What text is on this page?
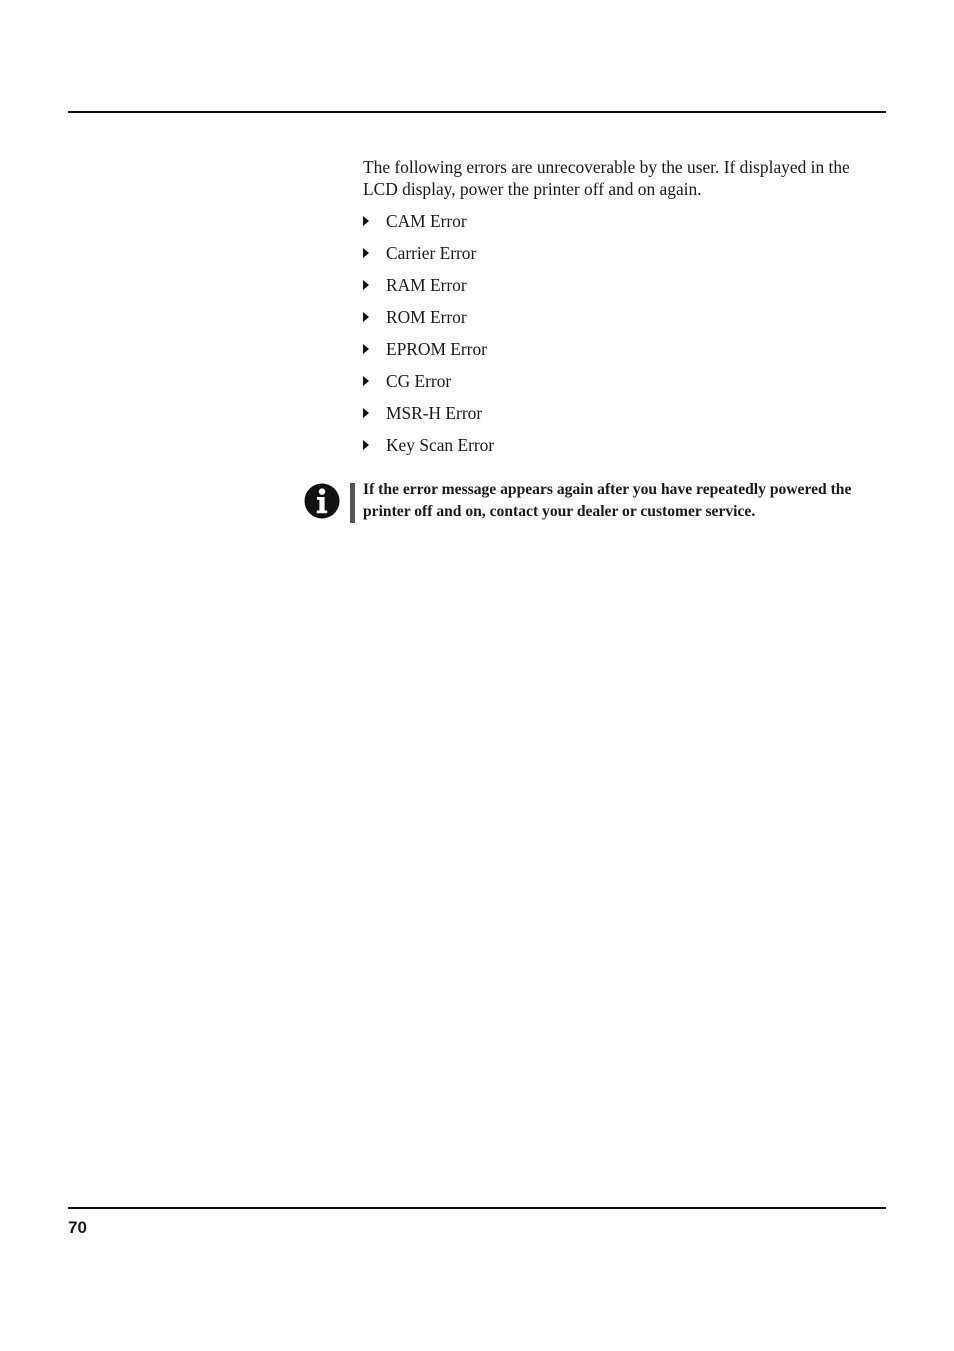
The following errors are unrecoverable by the user. If displayed in the LCD display, power the printer off and on again.

CAM Error
Carrier Error
RAM Error
ROM Error
EPROM Error
CG Error
MSR-H Error
Key Scan Error

If the error message appears again after you have repeatedly powered the printer off and on, contact your dealer or customer service.

70
